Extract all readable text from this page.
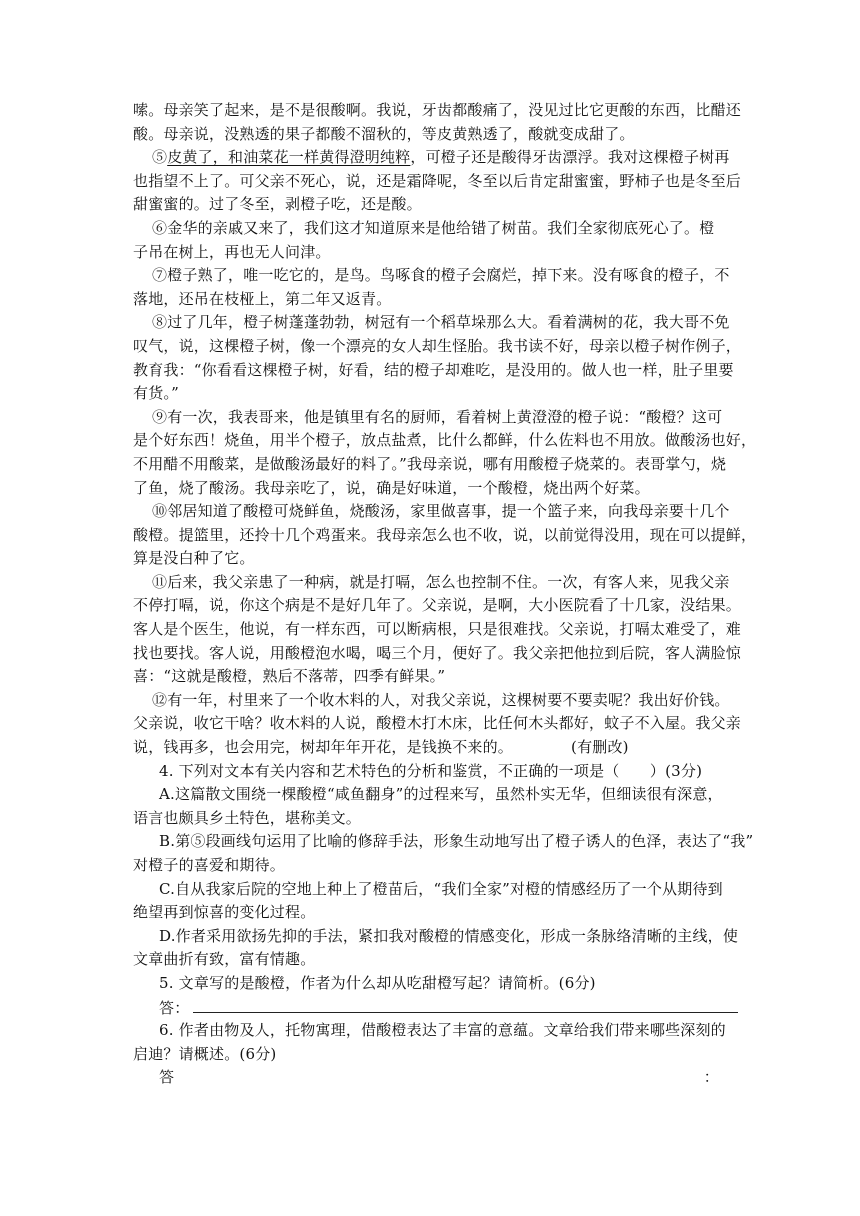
嗦。母亲笑了起来，是不是很酸啊。我说，牙齿都酸痛了，没见过比它更酸的东西，比醋还
酸。母亲说，没熟透的果子都酸不溜秋的，等皮黄熟透了，酸就变成甜了。
⑤皮黄了，和油菜花一样黄得澄明纯粹，可橙子还是酸得牙齿漂浮。我对这棵橙子树再
也指望不上了。可父亲不死心，说，还是霜降呢，冬至以后肯定甜蜜蜜，野柿子也是冬至后
甜蜜蜜的。过了冬至，剥橙子吃，还是酸。
⑥金华的亲戚又来了，我们这才知道原来是他给错了树苗。我们全家彻底死心了。橙
子吊在树上，再也无人问津。
⑦橙子熟了，唯一吃它的，是鸟。鸟啄食的橙子会腐烂，掉下来。没有啄食的橙子，不
落地，还吊在枝桠上，第二年又返青。
⑧过了几年，橙子树蓬蓬勃勃，树冠有一个稻草垛那么大。看着满树的花，我大哥不免
叹气，说，这棵橙子树，像一个漂亮的女人却生怪胎。我书读不好，母亲以橙子树作例子，
教育我：“你看看这棵橙子树，好看，结的橙子却难吃，是没用的。做人也一样，肚子里要
有货。”
⑨有一次，我表哥来，他是镇里有名的厨师，看着树上黄澄澄的橙子说：“酸橙？这可
是个好东西！烧鱼，用半个橙子，放点盐煮，比什么都鲜，什么佐料也不用放。做酸汤也好，
不用醋不用酸菜，是做酸汤最好的料了。”我母亲说，哪有用酸橙子烧菜的。表哥掌勺，烧
了鱼，烧了酸汤。我母亲吃了，说，确是好味道，一个酸橙，烧出两个好菜。
⑩邻居知道了酸橙可烧鲜鱼，烧酸汤，家里做喜事，提一个篮子来，向我母亲要十几个
酸橙。提篮里，还拎十几个鸡蛋来。我母亲怎么也不收，说，以前觉得没用，现在可以提鲜，
算是没白种了它。
⑪后来，我父亲患了一种病，就是打嗝，怎么也控制不住。一次，有客人来，见我父亲
不停打嗝，说，你这个病是不是好几年了。父亲说，是啊，大小医院看了十几家，没结果。
客人是个医生，他说，有一样东西，可以断病根，只是很难找。父亲说，打嗝太难受了，难
找也要找。客人说，用酸橙泡水喝，喝三个月，便好了。我父亲把他拉到后院，客人满脸惊
喜：“这就是酸橙，熟后不落蒂，四季有鲜果。”
⑫有一年，村里来了一个收木料的人，对我父亲说，这棵树要不要卖呢？我出好价钱。
父亲说，收它干啥？收木料的人说，酸橙木打木床，比任何木头都好，蚊子不入屋。我父亲
说，钱再多，也会用完，树却年年开花，是钱换不来的。	(有删改)
4. 下列对文本有关内容和艺术特色的分析和鉴赏，不正确的一项是（　　）(3分)
A.这篇散文围绕一棵酸橙“咸鱼翻身”的过程来写，虽然朴实无华，但细读很有深意，
语言也颇具乡土特色，堪称美文。
B.第⑤段画线句运用了比喻的修辞手法，形象生动地写出了橙子诱人的色泽，表达了“我”
对橙子的喜爱和期待。
C.自从我家后院的空地上种上了橙苗后，“我们全家”对橙的情感经历了一个从期待到
绝望再到惊喜的变化过程。
D.作者采用欲扬先抑的手法，紧扣我对酸橙的情感变化，形成一条脉络清晰的主线，使
文章曲折有致，富有情趣。
5. 文章写的是酸橙，作者为什么却从吃甜橙写起？请简析。(6分)
答：
6. 作者由物及人，托物寓理，借酸橙表达了丰富的意蕴。文章给我们带来哪些深刻的
启迪？请概述。(6分)
答	：
